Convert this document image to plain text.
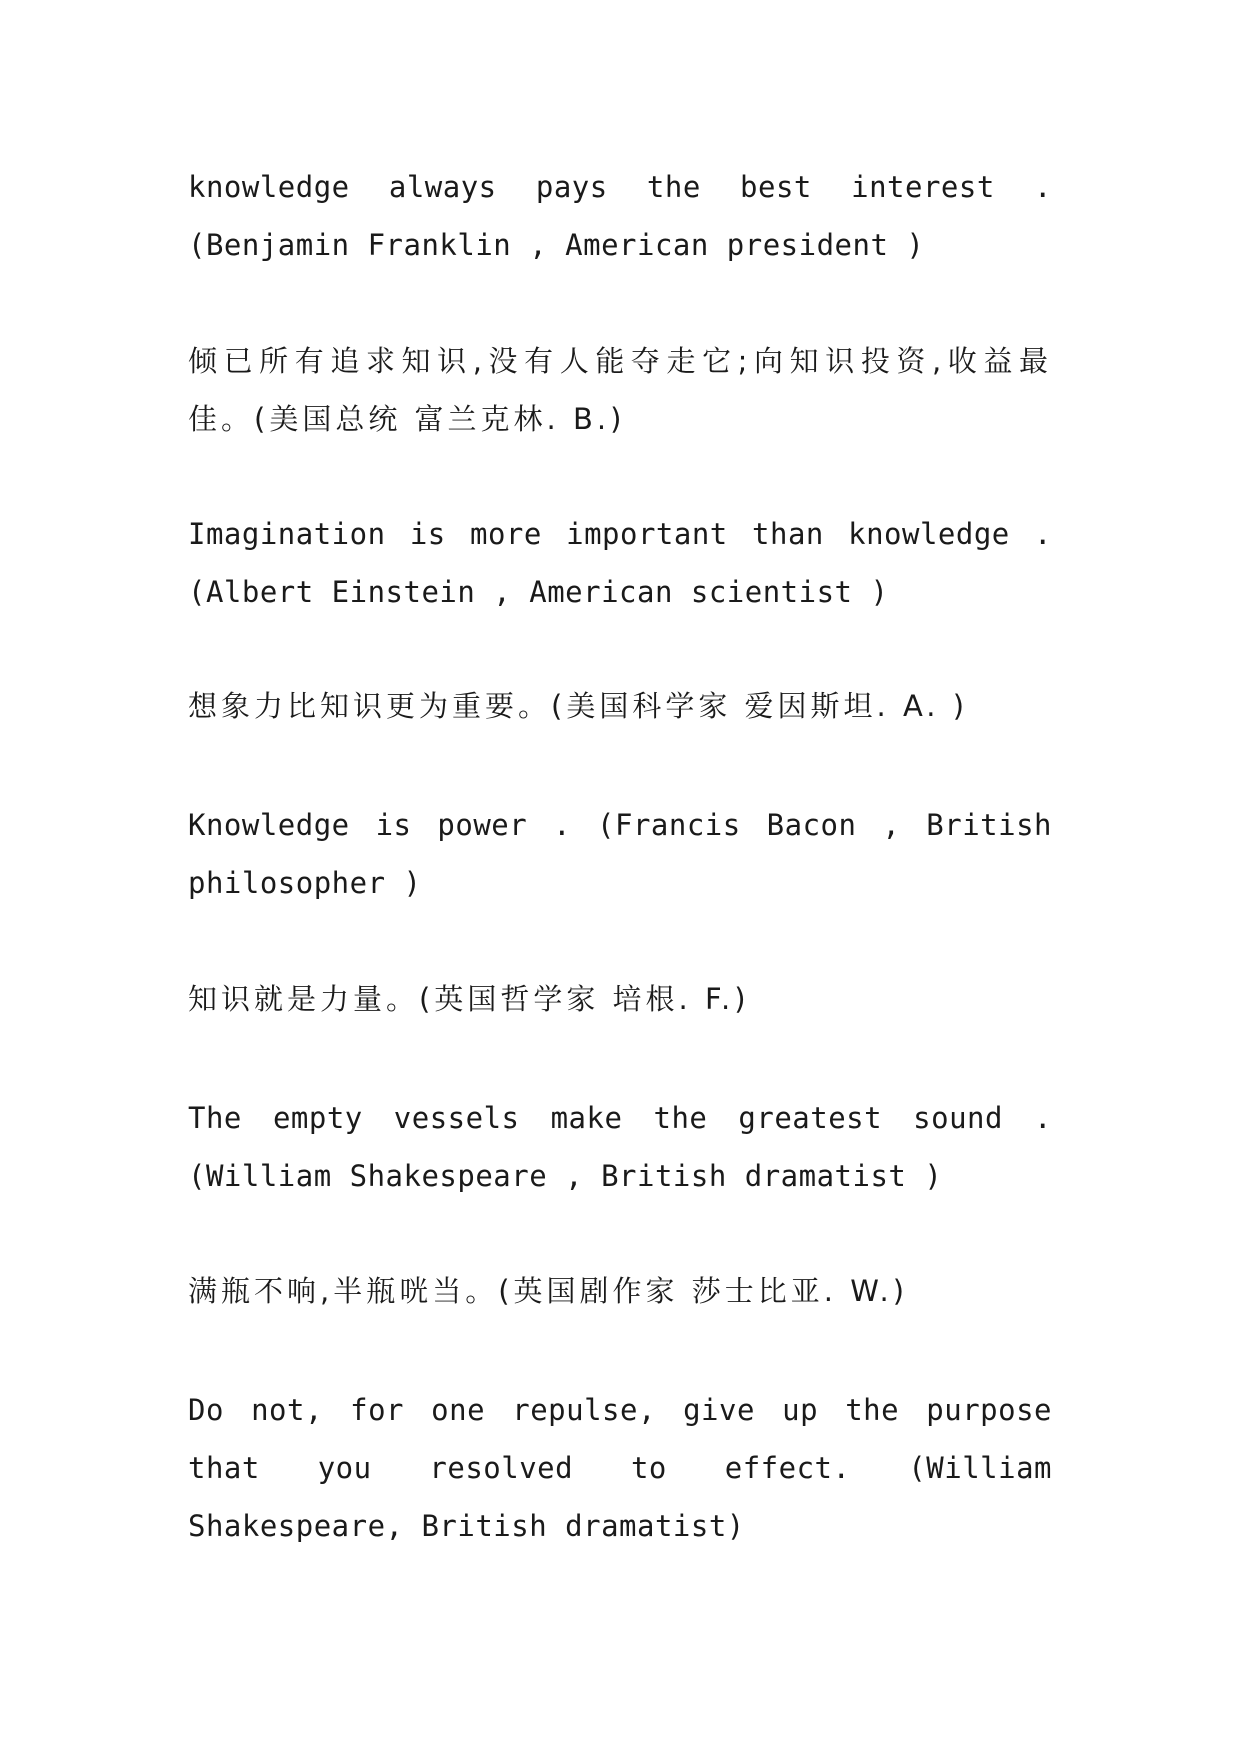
knowledge always pays the best interest . (Benjamin Franklin , American president )

倾已所有追求知识,没有人能夺走它;向知识投资,收益最佳。(美国总统 富兰克林. B.)

Imagination is more important than knowledge .(Albert Einstein , American scientist )

想象力比知识更为重要。(美国科学家 爱因斯坦. A. )

Knowledge is power . (Francis Bacon , British philosopher )

知识就是力量。(英国哲学家 培根. F.)

The empty vessels make the greatest sound . (William Shakespeare , British dramatist )

满瓶不响,半瓶咣当。(英国剧作家 莎士比亚. W.)

Do not, for one repulse, give up the purpose that you resolved to effect. (William Shakespeare, British dramatist)
